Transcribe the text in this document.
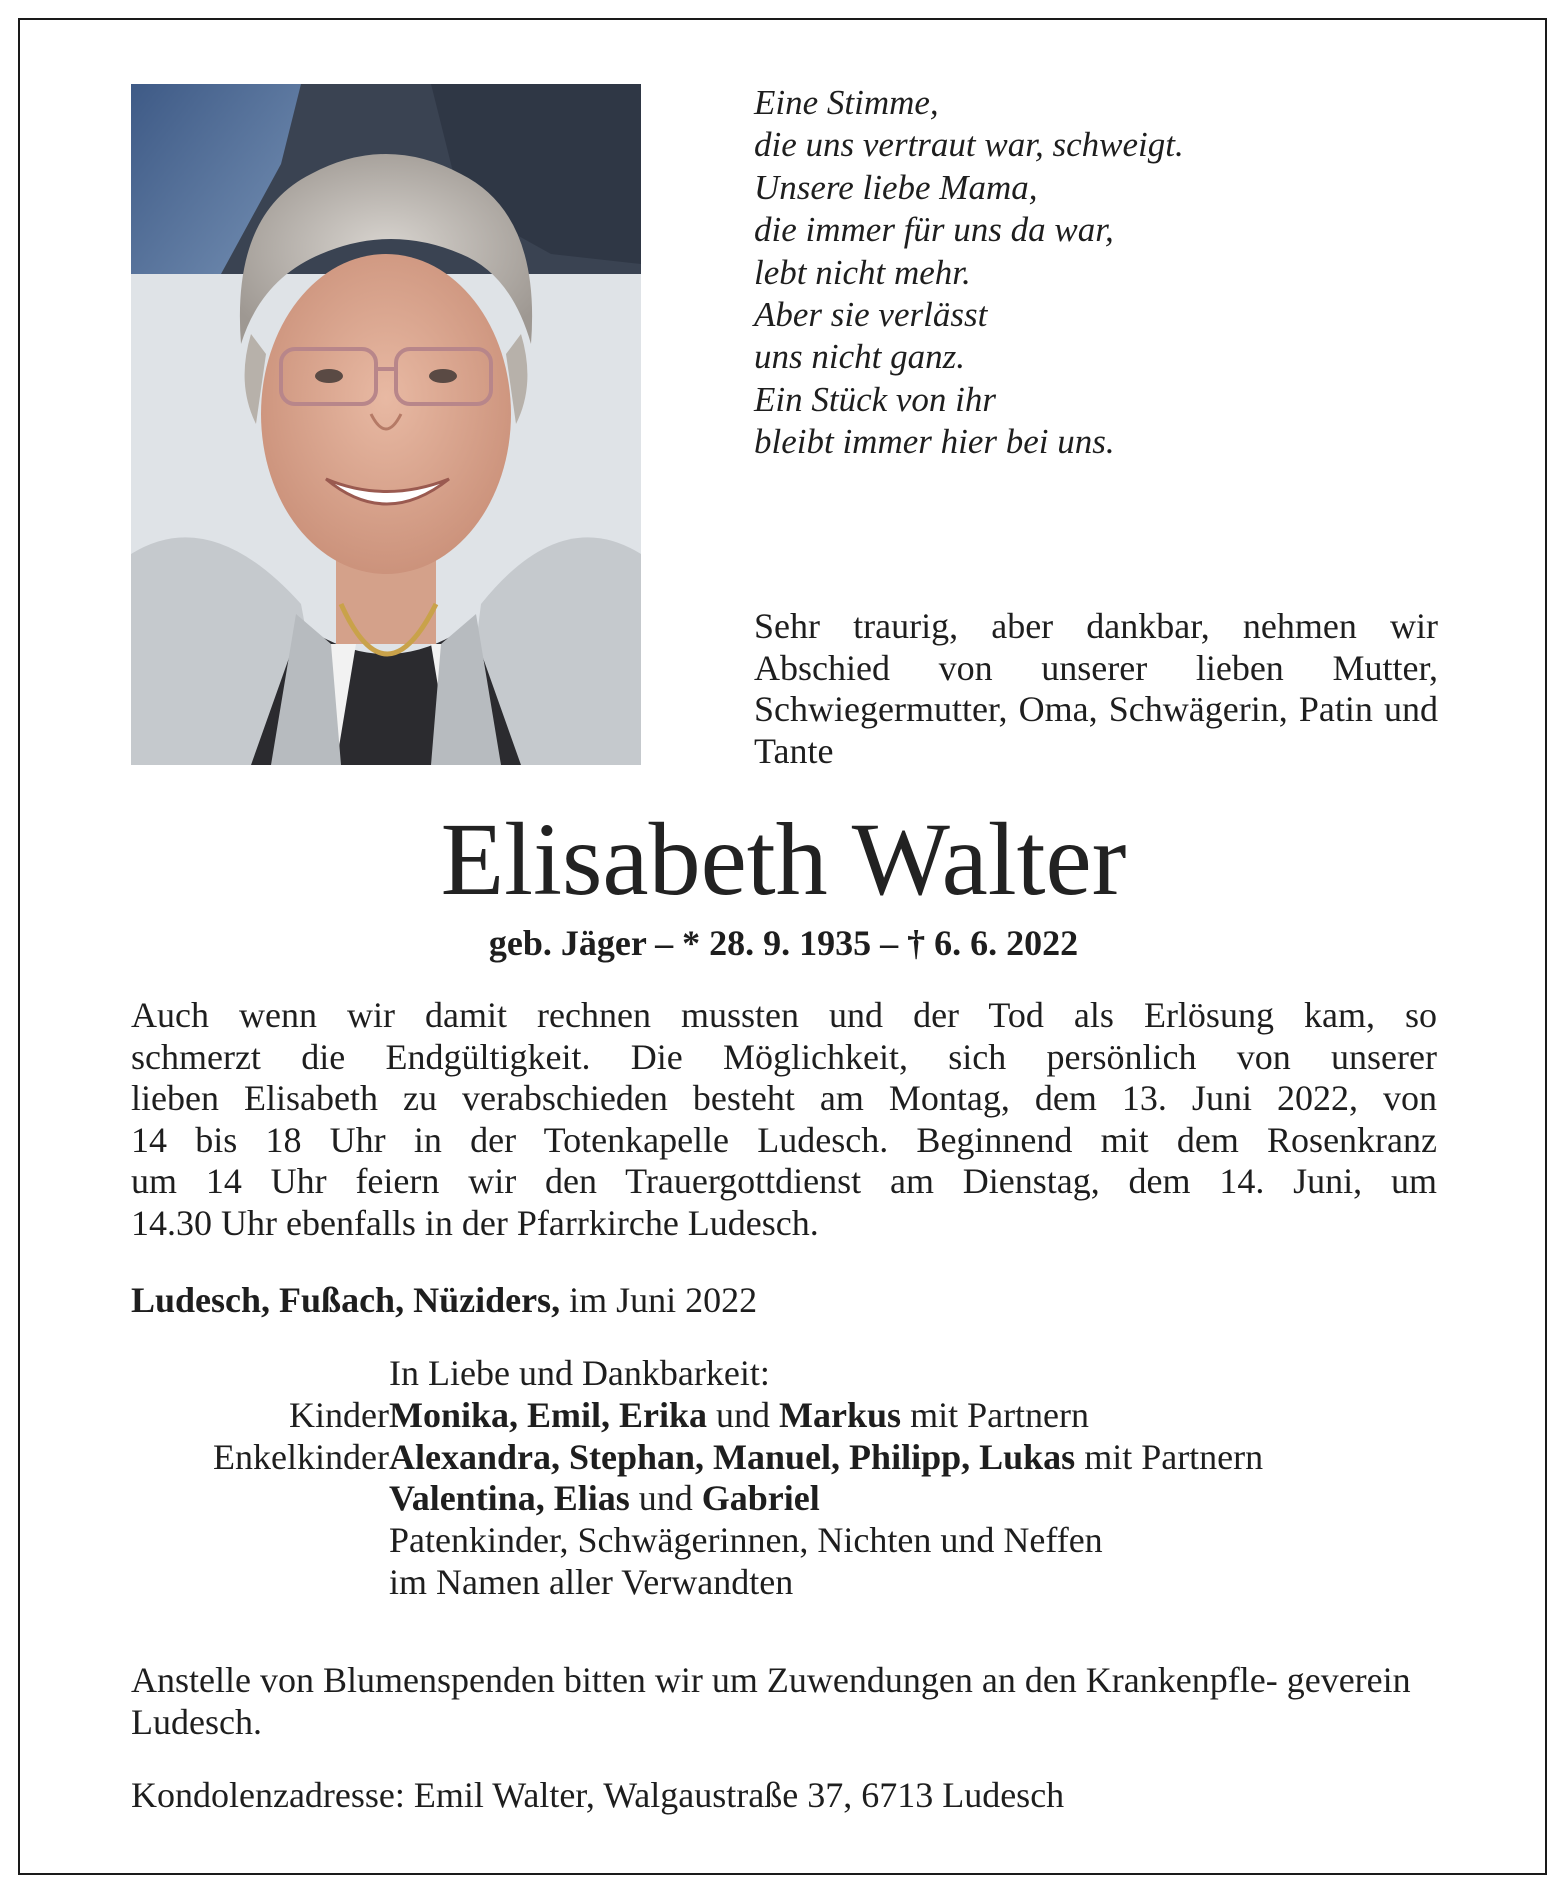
Eine Stimme,
die uns vertraut war, schweigt.
Unsere liebe Mama,
die immer für uns da war,
lebt nicht mehr.
Aber sie verlässt
uns nicht ganz.
Ein Stück von ihr
bleibt immer hier bei uns.
Sehr traurig, aber dankbar, nehmen wir Abschied von unserer lieben Mutter, Schwiegermutter, Oma, Schwägerin, Patin und Tante
Elisabeth Walter
geb. Jäger – * 28. 9. 1935 – † 6. 6. 2022
Auch wenn wir damit rechnen mussten und der Tod als Erlösung kam, so
schmerzt die Endgültigkeit. Die Möglichkeit, sich persönlich von unserer
lieben Elisabeth zu verabschieden besteht am Montag, dem 13. Juni 2022, von
14 bis 18 Uhr in der Totenkapelle Ludesch. Beginnend mit dem Rosenkranz
um 14 Uhr feiern wir den Trauergottdienst am Dienstag, dem 14. Juni, um
14.30 Uhr ebenfalls in der Pfarrkirche Ludesch.
Ludesch, Fußach, Nüziders, im Juni 2022
In Liebe und Dankbarkeit:
Kinder Monika, Emil, Erika und Markus mit Partnern
Enkelkinder Alexandra, Stephan, Manuel, Philipp, Lukas mit Partnern
Valentina, Elias und Gabriel
Patenkinder, Schwägerinnen, Nichten und Neffen
im Namen aller Verwandten
Anstelle von Blumenspenden bitten wir um Zuwendungen an den Krankenpfle- geverein Ludesch.
Kondolenzadresse: Emil Walter, Walgaustraße 37, 6713 Ludesch
